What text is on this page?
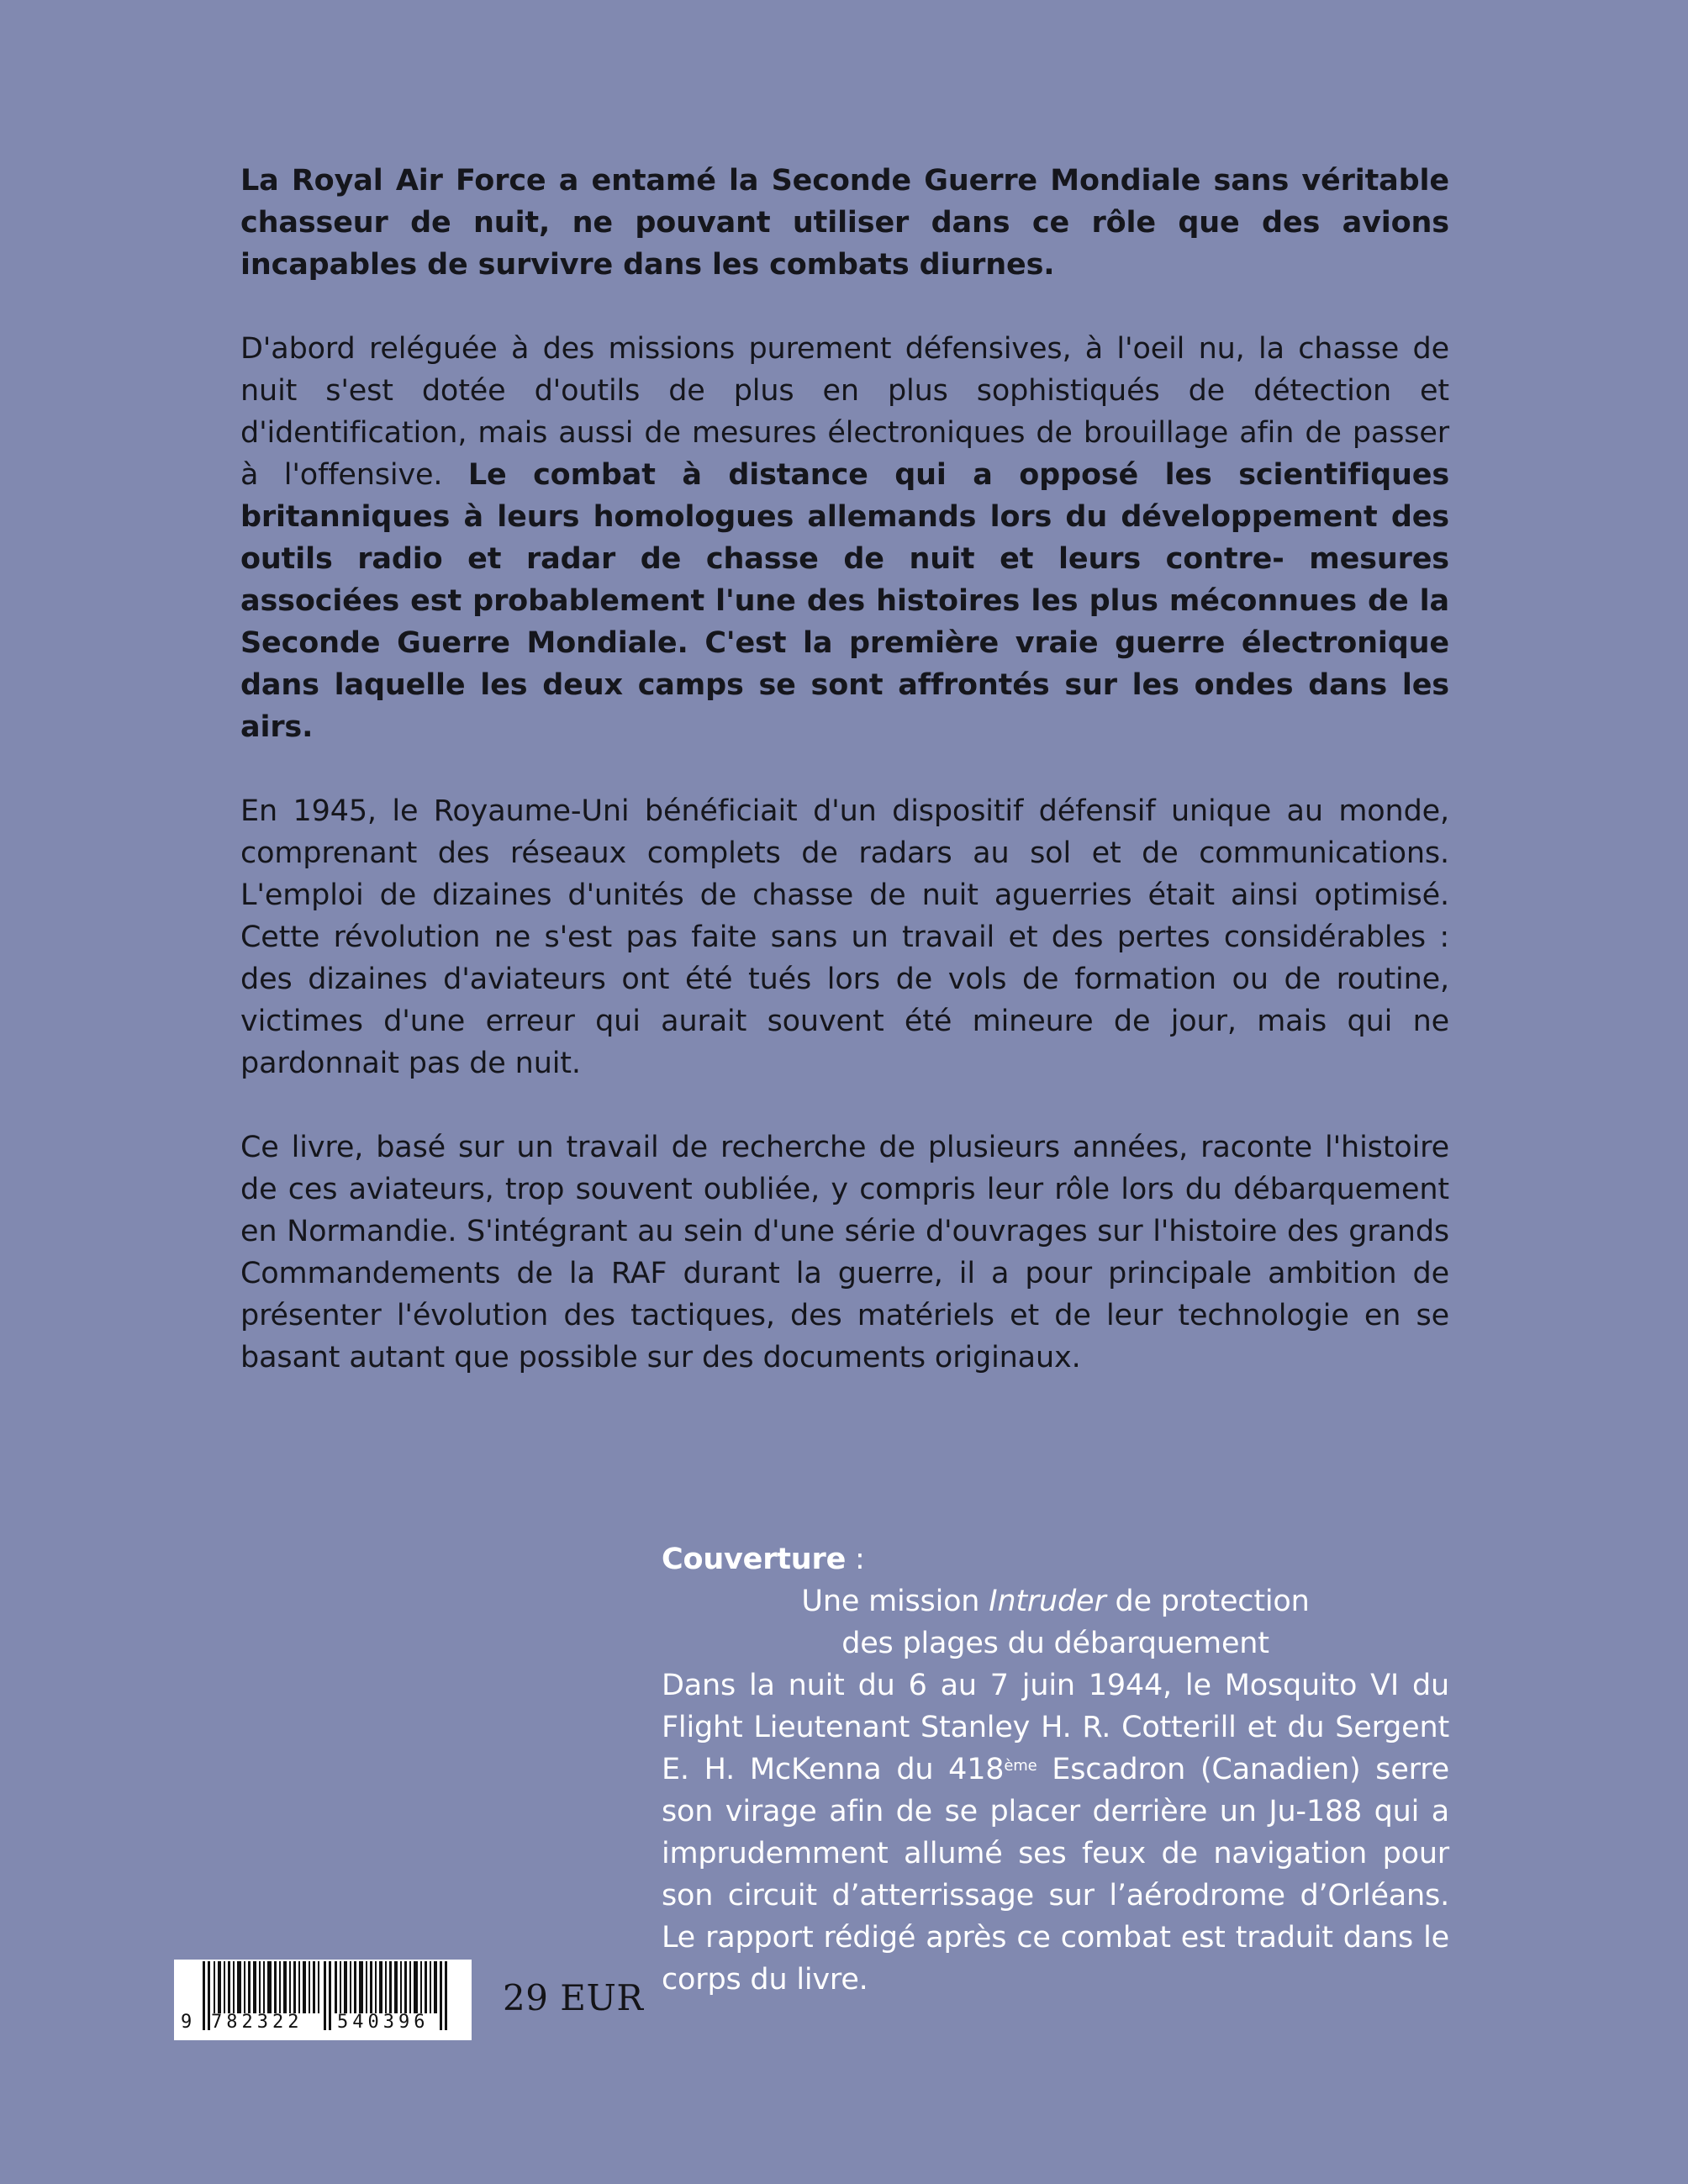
La Royal Air Force a entamé la Seconde Guerre Mondiale sans véritable chasseur de nuit, ne pouvant utiliser dans ce rôle que des avions incapables de survivre dans les combats diurnes.

D'abord reléguée à des missions purement défensives, à l'oeil nu, la chasse de nuit s'est dotée d'outils de plus en plus sophistiqués de détection et d'identification, mais aussi de mesures électroniques de brouillage afin de passer à l'offensive. Le combat à distance qui a opposé les scientifiques britanniques à leurs homologues allemands lors du développement des outils radio et radar de chasse de nuit et leurs contre- mesures associées est probablement l'une des histoires les plus méconnues de la Seconde Guerre Mondiale. C'est la première vraie guerre électronique dans laquelle les deux camps se sont affrontés sur les ondes dans les airs.

En 1945, le Royaume-Uni bénéficiait d'un dispositif défensif unique au monde, comprenant des réseaux complets de radars au sol et de communications. L'emploi de dizaines d'unités de chasse de nuit aguerries était ainsi optimisé. Cette révolution ne s'est pas faite sans un travail et des pertes considérables : des dizaines d'aviateurs ont été tués lors de vols de formation ou de routine, victimes d'une erreur qui aurait souvent été mineure de jour, mais qui ne pardonnait pas de nuit.

Ce livre, basé sur un travail de recherche de plusieurs années, raconte l'histoire de ces aviateurs, trop souvent oubliée, y compris leur rôle lors du débarquement en Normandie. S'intégrant au sein d'une série d'ouvrages sur l'histoire des grands Commandements de la RAF durant la guerre, il a pour principale ambition de présenter l'évolution des tactiques, des matériels et de leur technologie en se basant autant que possible sur des documents originaux.

Couverture :

Une mission Intruder de protection

des plages du débarquement

Dans la nuit du 6 au 7 juin 1944, le Mosquito VI du Flight Lieutenant Stanley H. R. Cotterill et du Sergent E. H. McKenna du 418ème Escadron (Canadien) serre son virage afin de se placer derrière un Ju-188 qui a imprudemment allumé ses feux de navigation pour son circuit d’atterrissage sur l’aérodrome d’Orléans. Le rapport rédigé après ce combat est traduit dans le corps du livre.

9 782322 540396
29 EUR
